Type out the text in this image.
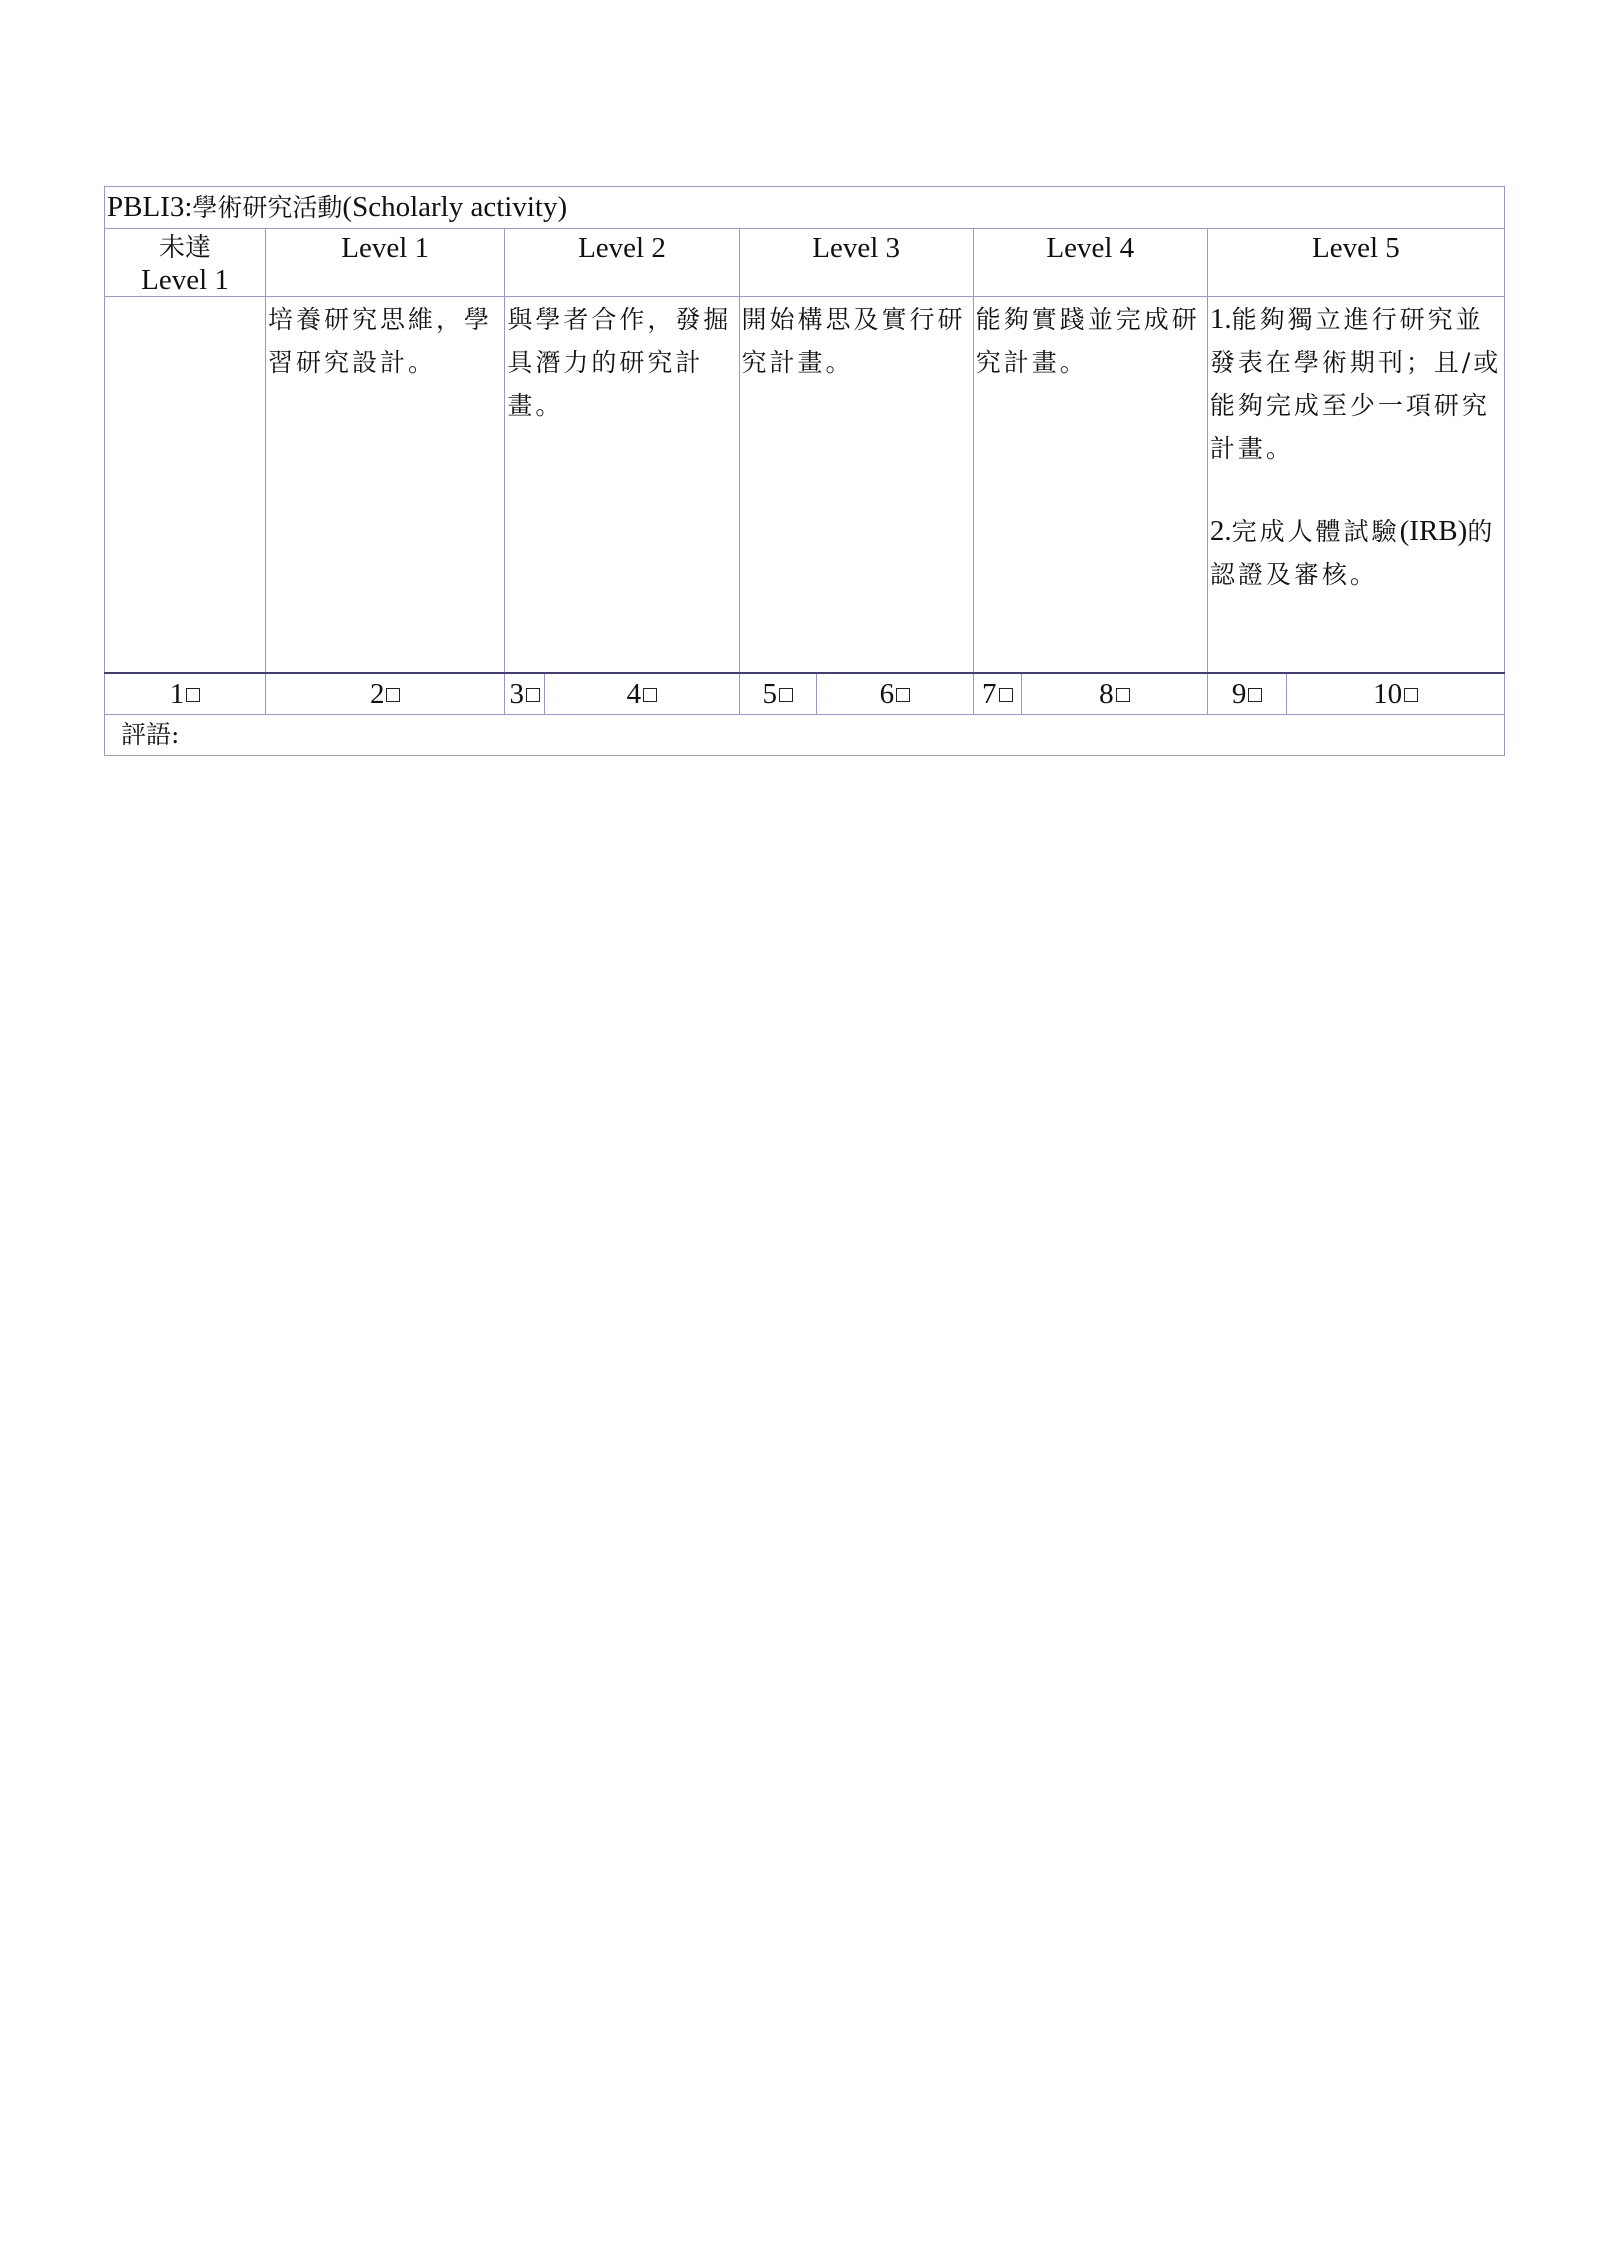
PBLI3:學術研究活動(Scholarly activity)									

未達
Level 1	Level 1	Level 2		Level 3		Level 4		Level 5	
	培養研究思維，學習研究設計。	與學者合作，發掘具潛力的研究計畫。		開始構思及實行研究計畫。		能夠實踐並完成研究計畫。		1.能夠獨立進行研究並發表在學術期刊；且/或能夠完成至少一項研究計畫。
2.完成人體試驗(IRB)的認證及審核。	

1	2	3	4	5	6	7	8	9	10
評語:									
